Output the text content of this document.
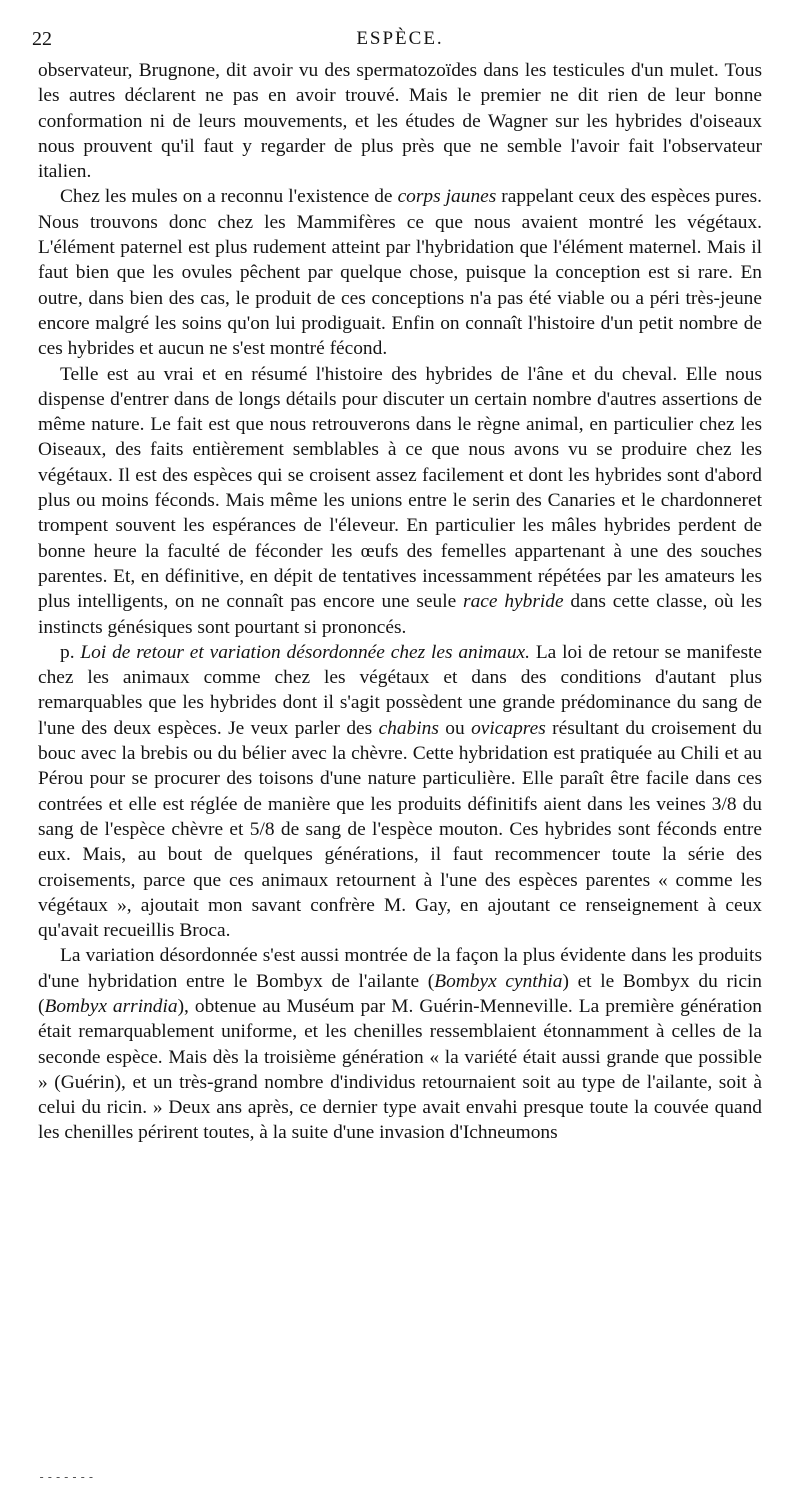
22	ESPÈCE.

observateur, Brugnone, dit avoir vu des spermatozoïdes dans les testicules d'un mulet. Tous les autres déclarent ne pas en avoir trouvé. Mais le premier ne dit rien de leur bonne conformation ni de leurs mouvements, et les études de Wagner sur les hybrides d'oiseaux nous prouvent qu'il faut y regarder de plus près que ne semble l'avoir fait l'observateur italien.

Chez les mules on a reconnu l'existence de corps jaunes rappelant ceux des espèces pures. Nous trouvons donc chez les Mammifères ce que nous avaient montré les végétaux. L'élément paternel est plus rudement atteint par l'hybridation que l'élément maternel. Mais il faut bien que les ovules pêchent par quelque chose, puisque la conception est si rare. En outre, dans bien des cas, le produit de ces conceptions n'a pas été viable ou a péri très-jeune encore malgré les soins qu'on lui prodiguait. Enfin on connaît l'histoire d'un petit nombre de ces hybrides et aucun ne s'est montré fécond.

Telle est au vrai et en résumé l'histoire des hybrides de l'âne et du cheval. Elle nous dispense d'entrer dans de longs détails pour discuter un certain nombre d'autres assertions de même nature. Le fait est que nous retrouverons dans le règne animal, en particulier chez les Oiseaux, des faits entièrement semblables à ce que nous avons vu se produire chez les végétaux. Il est des espèces qui se croisent assez facilement et dont les hybrides sont d'abord plus ou moins féconds. Mais même les unions entre le serin des Canaries et le chardonneret trompent souvent les espérances de l'éleveur. En particulier les mâles hybrides perdent de bonne heure la faculté de féconder les œufs des femelles appartenant à une des souches parentes. Et, en définitive, en dépit de tentatives incessamment répétées par les amateurs les plus intelligents, on ne connaît pas encore une seule race hybride dans cette classe, où les instincts génésiques sont pourtant si prononcés.

p. Loi de retour et variation désordonnée chez les animaux. La loi de retour se manifeste chez les animaux comme chez les végétaux et dans des conditions d'autant plus remarquables que les hybrides dont il s'agit possèdent une grande prédominance du sang de l'une des deux espèces. Je veux parler des chabins ou ovicapres résultant du croisement du bouc avec la brebis ou du bélier avec la chèvre. Cette hybridation est pratiquée au Chili et au Pérou pour se procurer des toisons d'une nature particulière. Elle paraît être facile dans ces contrées et elle est réglée de manière que les produits définitifs aient dans les veines 3/8 du sang de l'espèce chèvre et 5/8 de sang de l'espèce mouton. Ces hybrides sont féconds entre eux. Mais, au bout de quelques générations, il faut recommencer toute la série des croisements, parce que ces animaux retournent à l'une des espèces parentes « comme les végétaux », ajoutait mon savant confrère M. Gay, en ajoutant ce renseignement à ceux qu'avait recueillis Broca.

La variation désordonnée s'est aussi montrée de la façon la plus évidente dans les produits d'une hybridation entre le Bombyx de l'ailante (Bombyx cynthia) et le Bombyx du ricin (Bombyx arrindia), obtenue au Muséum par M. Guérin-Menneville. La première génération était remarquablement uniforme, et les chenilles ressemblaient étonnamment à celles de la seconde espèce. Mais dès la troisième génération « la variété était aussi grande que possible » (Guérin), et un très-grand nombre d'individus retournaient soit au type de l'ailante, soit à celui du ricin. » Deux ans après, ce dernier type avait envahi presque toute la couvée quand les chenilles périrent toutes, à la suite d'une invasion d'Ichneumons

-------
